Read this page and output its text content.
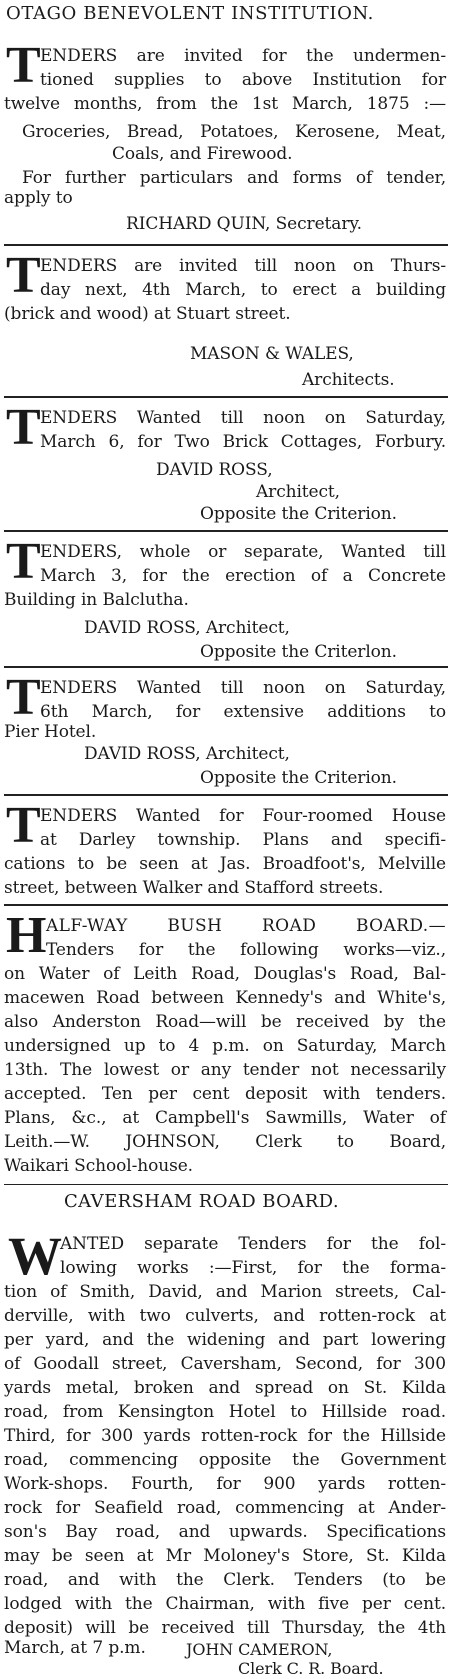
OTAGO BENEVOLENT INSTITUTION.
T ENDERS are invited for the undermen-
tioned supplies to above Institution for
twelve months, from the 1st March, 1875 :—
Groceries, Bread, Potatoes, Kerosene, Meat,
Coals, and Firewood.
For further particulars and forms of tender,
apply to
RICHARD QUIN, Secretary.
T ENDERS are invited till noon on Thurs-
day next, 4th March, to erect a building
(brick and wood) at Stuart street.
MASON & WALES,
Architects.
T ENDERS Wanted till noon on Saturday,
March 6, for Two Brick Cottages, Forbury.
DAVID ROSS,
Architect,
Opposite the Criterion.
T ENDERS, whole or separate, Wanted till
March 3, for the erection of a Concrete
Building in Balclutha.
DAVID ROSS, Architect,
Opposite the Criterlon.
T ENDERS Wanted till noon on Saturday,
6th March, for extensive additions to
Pier Hotel.
DAVID ROSS, Architect,
Opposite the Criterion.
T ENDERS Wanted for Four-roomed House
at Darley township. Plans and specifi-
cations to be seen at Jas. Broadfoot's, Melville
street, between Walker and Stafford streets.
H ALF-WAY BUSH ROAD BOARD.—
Tenders for the following works—viz.,
on Water of Leith Road, Douglas's Road, Bal-
macewen Road between Kennedy's and White's,
also Anderston Road—will be received by the
undersigned up to 4 p.m. on Saturday, March
13th. The lowest or any tender not necessarily
accepted. Ten per cent deposit with tenders.
Plans, &c., at Campbell's Sawmills, Water of
Leith.—W. JOHNSON, Clerk to Board,
Waikari School-house.
CAVERSHAM ROAD BOARD.
W
ANTED separate Tenders for the fol-
lowing works :—First, for the forma-
tion of Smith, David, and Marion streets, Cal-
derville, with two culverts, and rotten-rock at
per yard, and the widening and part lowering
of Goodall street, Caversham, Second, for 300
yards metal, broken and spread on St. Kilda
road, from Kensington Hotel to Hillside road.
Third, for 300 yards rotten-rock for the Hillside
road, commencing opposite the Government
Work-shops. Fourth, for 900 yards rotten-
rock for Seafield road, commencing at Ander-
son's Bay road, and upwards. Specifications
may be seen at Mr Moloney's Store, St. Kilda
road, and with the Clerk. Tenders (to be
lodged with the Chairman, with five per cent.
deposit) will be received till Thursday, the 4th
March, at 7 p.m.	JOHN CAMERON,
Clerk C. R. Board.
